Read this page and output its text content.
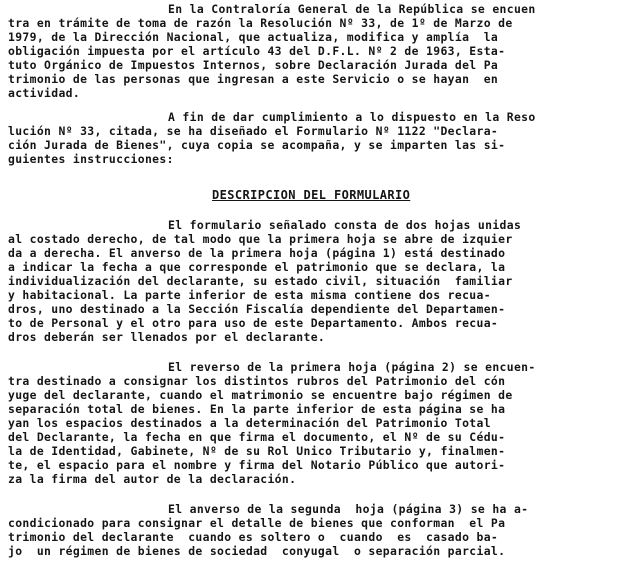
En la Contraloría General de la República se encuen
tra en trámite de toma de razón la Resolución Nº 33, de 1º de Marzo de
1979, de la Dirección Nacional, que actualiza, modifica y amplía  la
obligación impuesta por el artículo 43 del D.F.L. Nº 2 de 1963, Esta-
tuto Orgánico de Impuestos Internos, sobre Declaración Jurada del Pa
trimonio de las personas que ingresan a este Servicio o se hayan  en
actividad.
A fin de dar cumplimiento a lo dispuesto en la Reso
lución Nº 33, citada, se ha diseñado el Formulario Nº 1122 "Declara-
ción Jurada de Bienes", cuya copia se acompaña, y se imparten las si-
guientes instrucciones:
DESCRIPCION DEL FORMULARIO
El formulario señalado consta de dos hojas unidas
al costado derecho, de tal modo que la primera hoja se abre de izquier
da a derecha. El anverso de la primera hoja (página 1) está destinado
a indicar la fecha a que corresponde el patrimonio que se declara, la
individualización del declarante, su estado civil, situación  familiar
y habitacional. La parte inferior de esta misma contiene dos recua-
dros, uno destinado a la Sección Fiscalía dependiente del Departamen-
to de Personal y el otro para uso de este Departamento. Ambos recua-
dros deberán ser llenados por el declarante.
El reverso de la primera hoja (página 2) se encuen-
tra destinado a consignar los distintos rubros del Patrimonio del cón
yuge del declarante, cuando el matrimonio se encuentre bajo régimen de
separación total de bienes. En la parte inferior de esta página se ha
yan los espacios destinados a la determinación del Patrimonio Total
del Declarante, la fecha en que firma el documento, el Nº de su Cédu-
la de Identidad, Gabinete, Nº de su Rol Unico Tributario y, finalmen-
te, el espacio para el nombre y firma del Notario Público que autori-
za la firma del autor de la declaración.
El anverso de la segunda  hoja (página 3) se ha a-
condicionado para consignar el detalle de bienes que conforman  el Pa
trimonio del declarante  cuando es soltero o  cuando  es  casado ba-
jo  un régimen de bienes de sociedad  conyugal  o separación parcial.
